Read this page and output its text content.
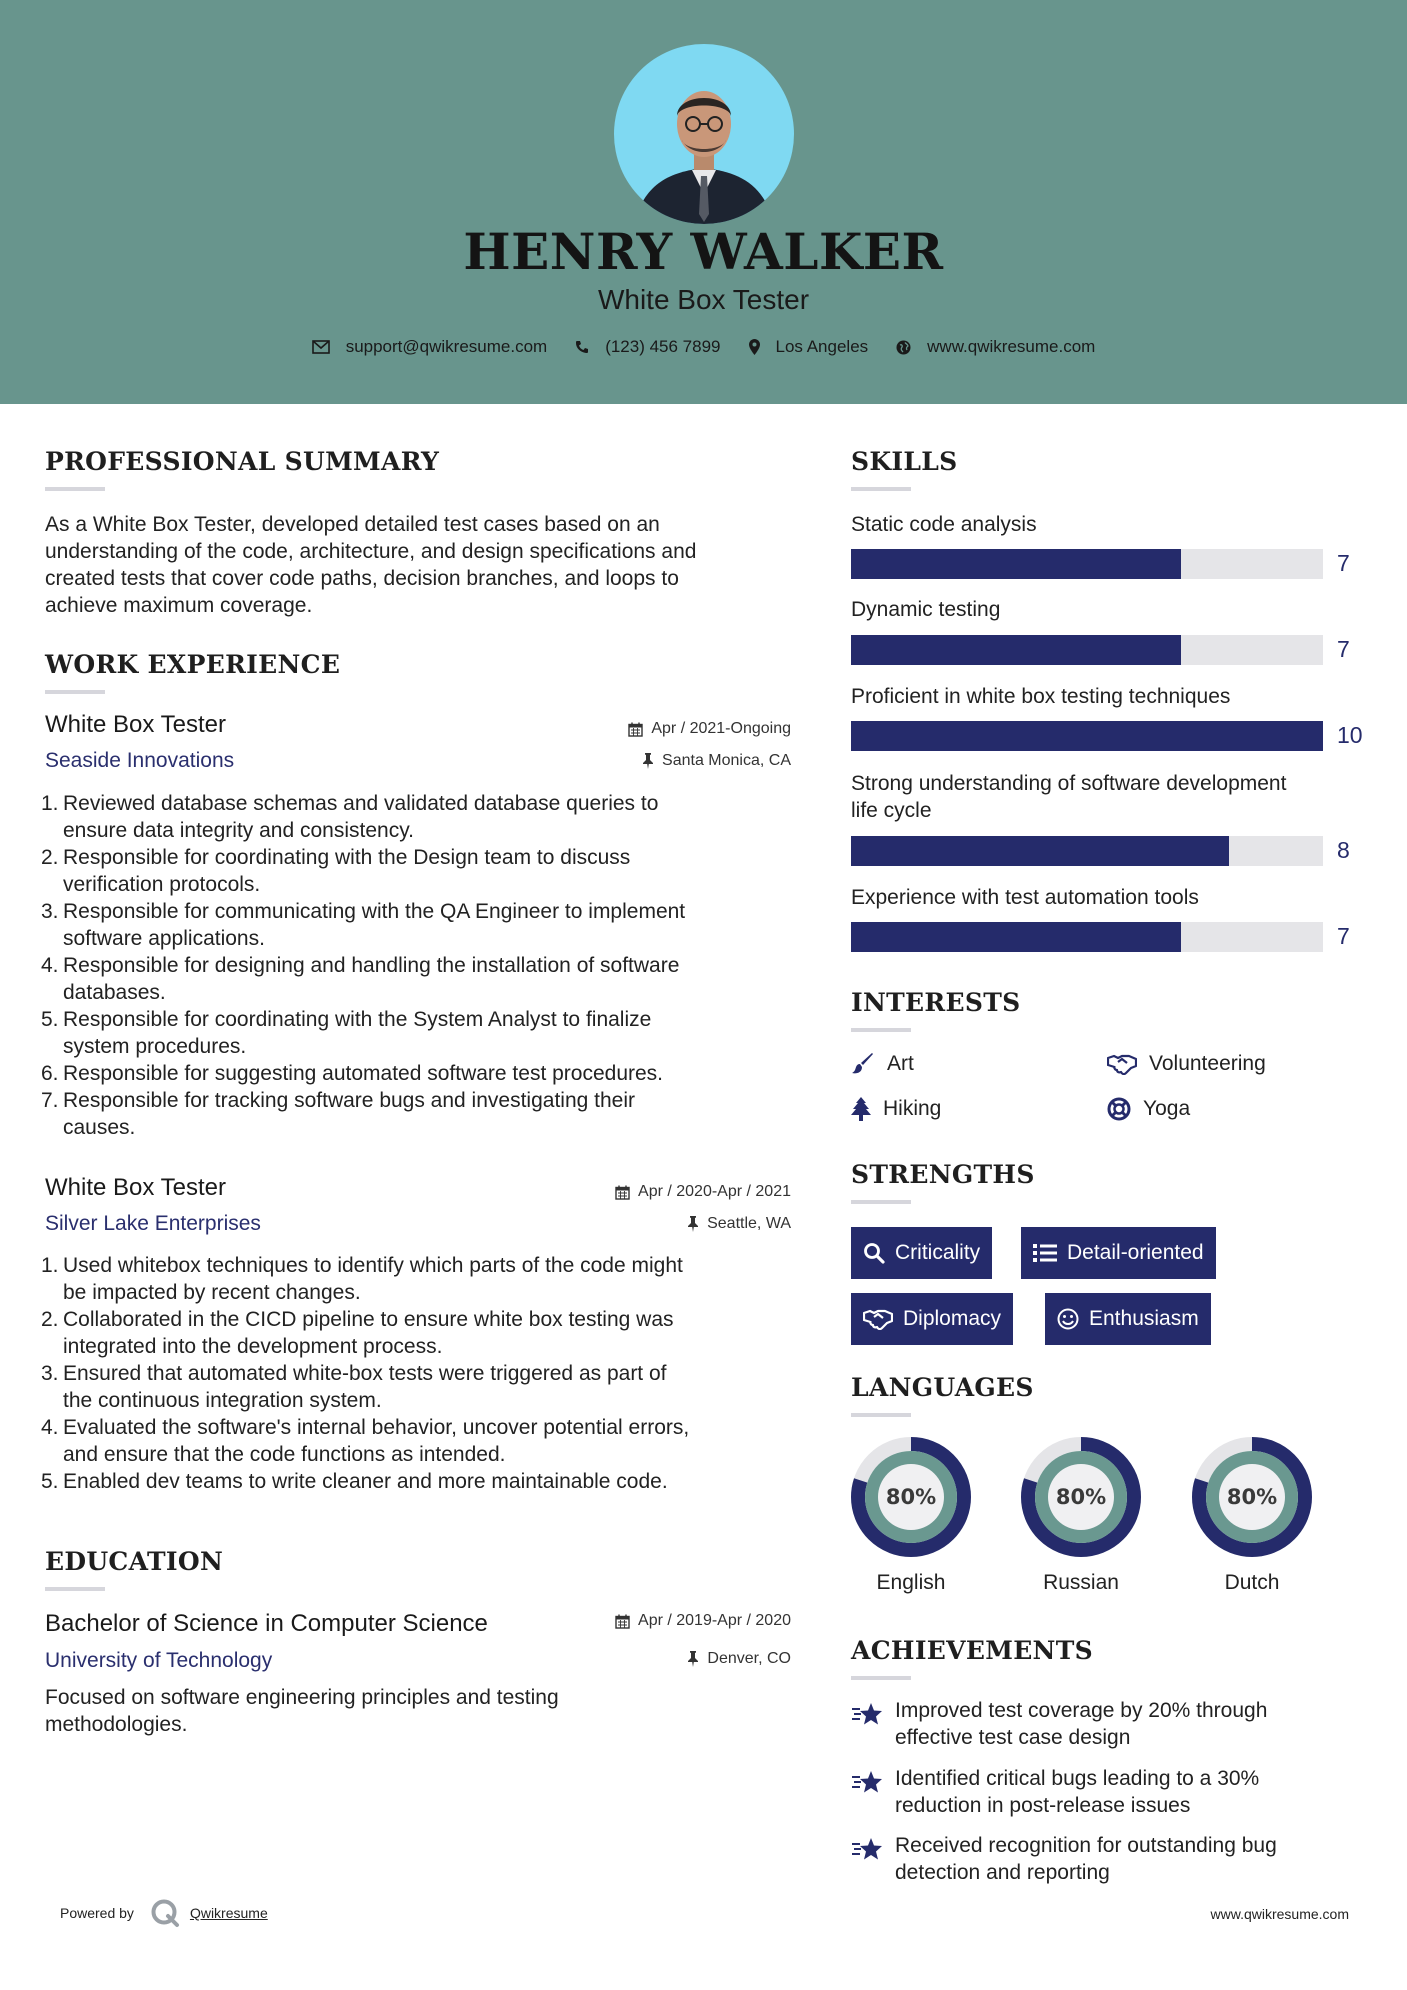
HENRY WALKER
White Box Tester
support@qwikresume.com	(123) 456 7899	Los Angeles	www.qwikresume.com
PROFESSIONAL SUMMARY
As a White Box Tester, developed detailed test cases based on an
understanding of the code, architecture, and design specifications and
created tests that cover code paths, decision branches, and loops to
achieve maximum coverage.
WORK EXPERIENCE
White Box Tester	Apr / 2021-Ongoing
Seaside Innovations	Santa Monica, CA
1. Reviewed database schemas and validated database queries to
ensure data integrity and consistency.
2. Responsible for coordinating with the Design team to discuss
verification protocols.
3. Responsible for communicating with the QA Engineer to implement
software applications.
4. Responsible for designing and handling the installation of software
databases.
5. Responsible for coordinating with the System Analyst to finalize
system procedures.
6. Responsible for suggesting automated software test procedures.
7. Responsible for tracking software bugs and investigating their
causes.
White Box Tester	Apr / 2020-Apr / 2021
Silver Lake Enterprises	Seattle, WA
1. Used whitebox techniques to identify which parts of the code might
be impacted by recent changes.
2. Collaborated in the CICD pipeline to ensure white box testing was
integrated into the development process.
3. Ensured that automated white-box tests were triggered as part of
the continuous integration system.
4. Evaluated the software's internal behavior, uncover potential errors,
and ensure that the code functions as intended.
5. Enabled dev teams to write cleaner and more maintainable code.
EDUCATION
Bachelor of Science in Computer Science	Apr / 2019-Apr / 2020
University of Technology	Denver, CO
Focused on software engineering principles and testing
methodologies.
SKILLS
Static code analysis
7
Dynamic testing
7
Proficient in white box testing techniques
10
Strong understanding of software development
life cycle
8
Experience with test automation tools
7
INTERESTS
Art	Volunteering
Hiking	Yoga
STRENGTHS
Criticality	Detail-oriented
Diplomacy	Enthusiasm
LANGUAGES
80%
English
80%
Russian
80%
Dutch
ACHIEVEMENTS
Improved test coverage by 20% through
effective test case design
Identified critical bugs leading to a 30%
reduction in post-release issues
Received recognition for outstanding bug
detection and reporting
Powered by	Qwikresume	www.qwikresume.com
